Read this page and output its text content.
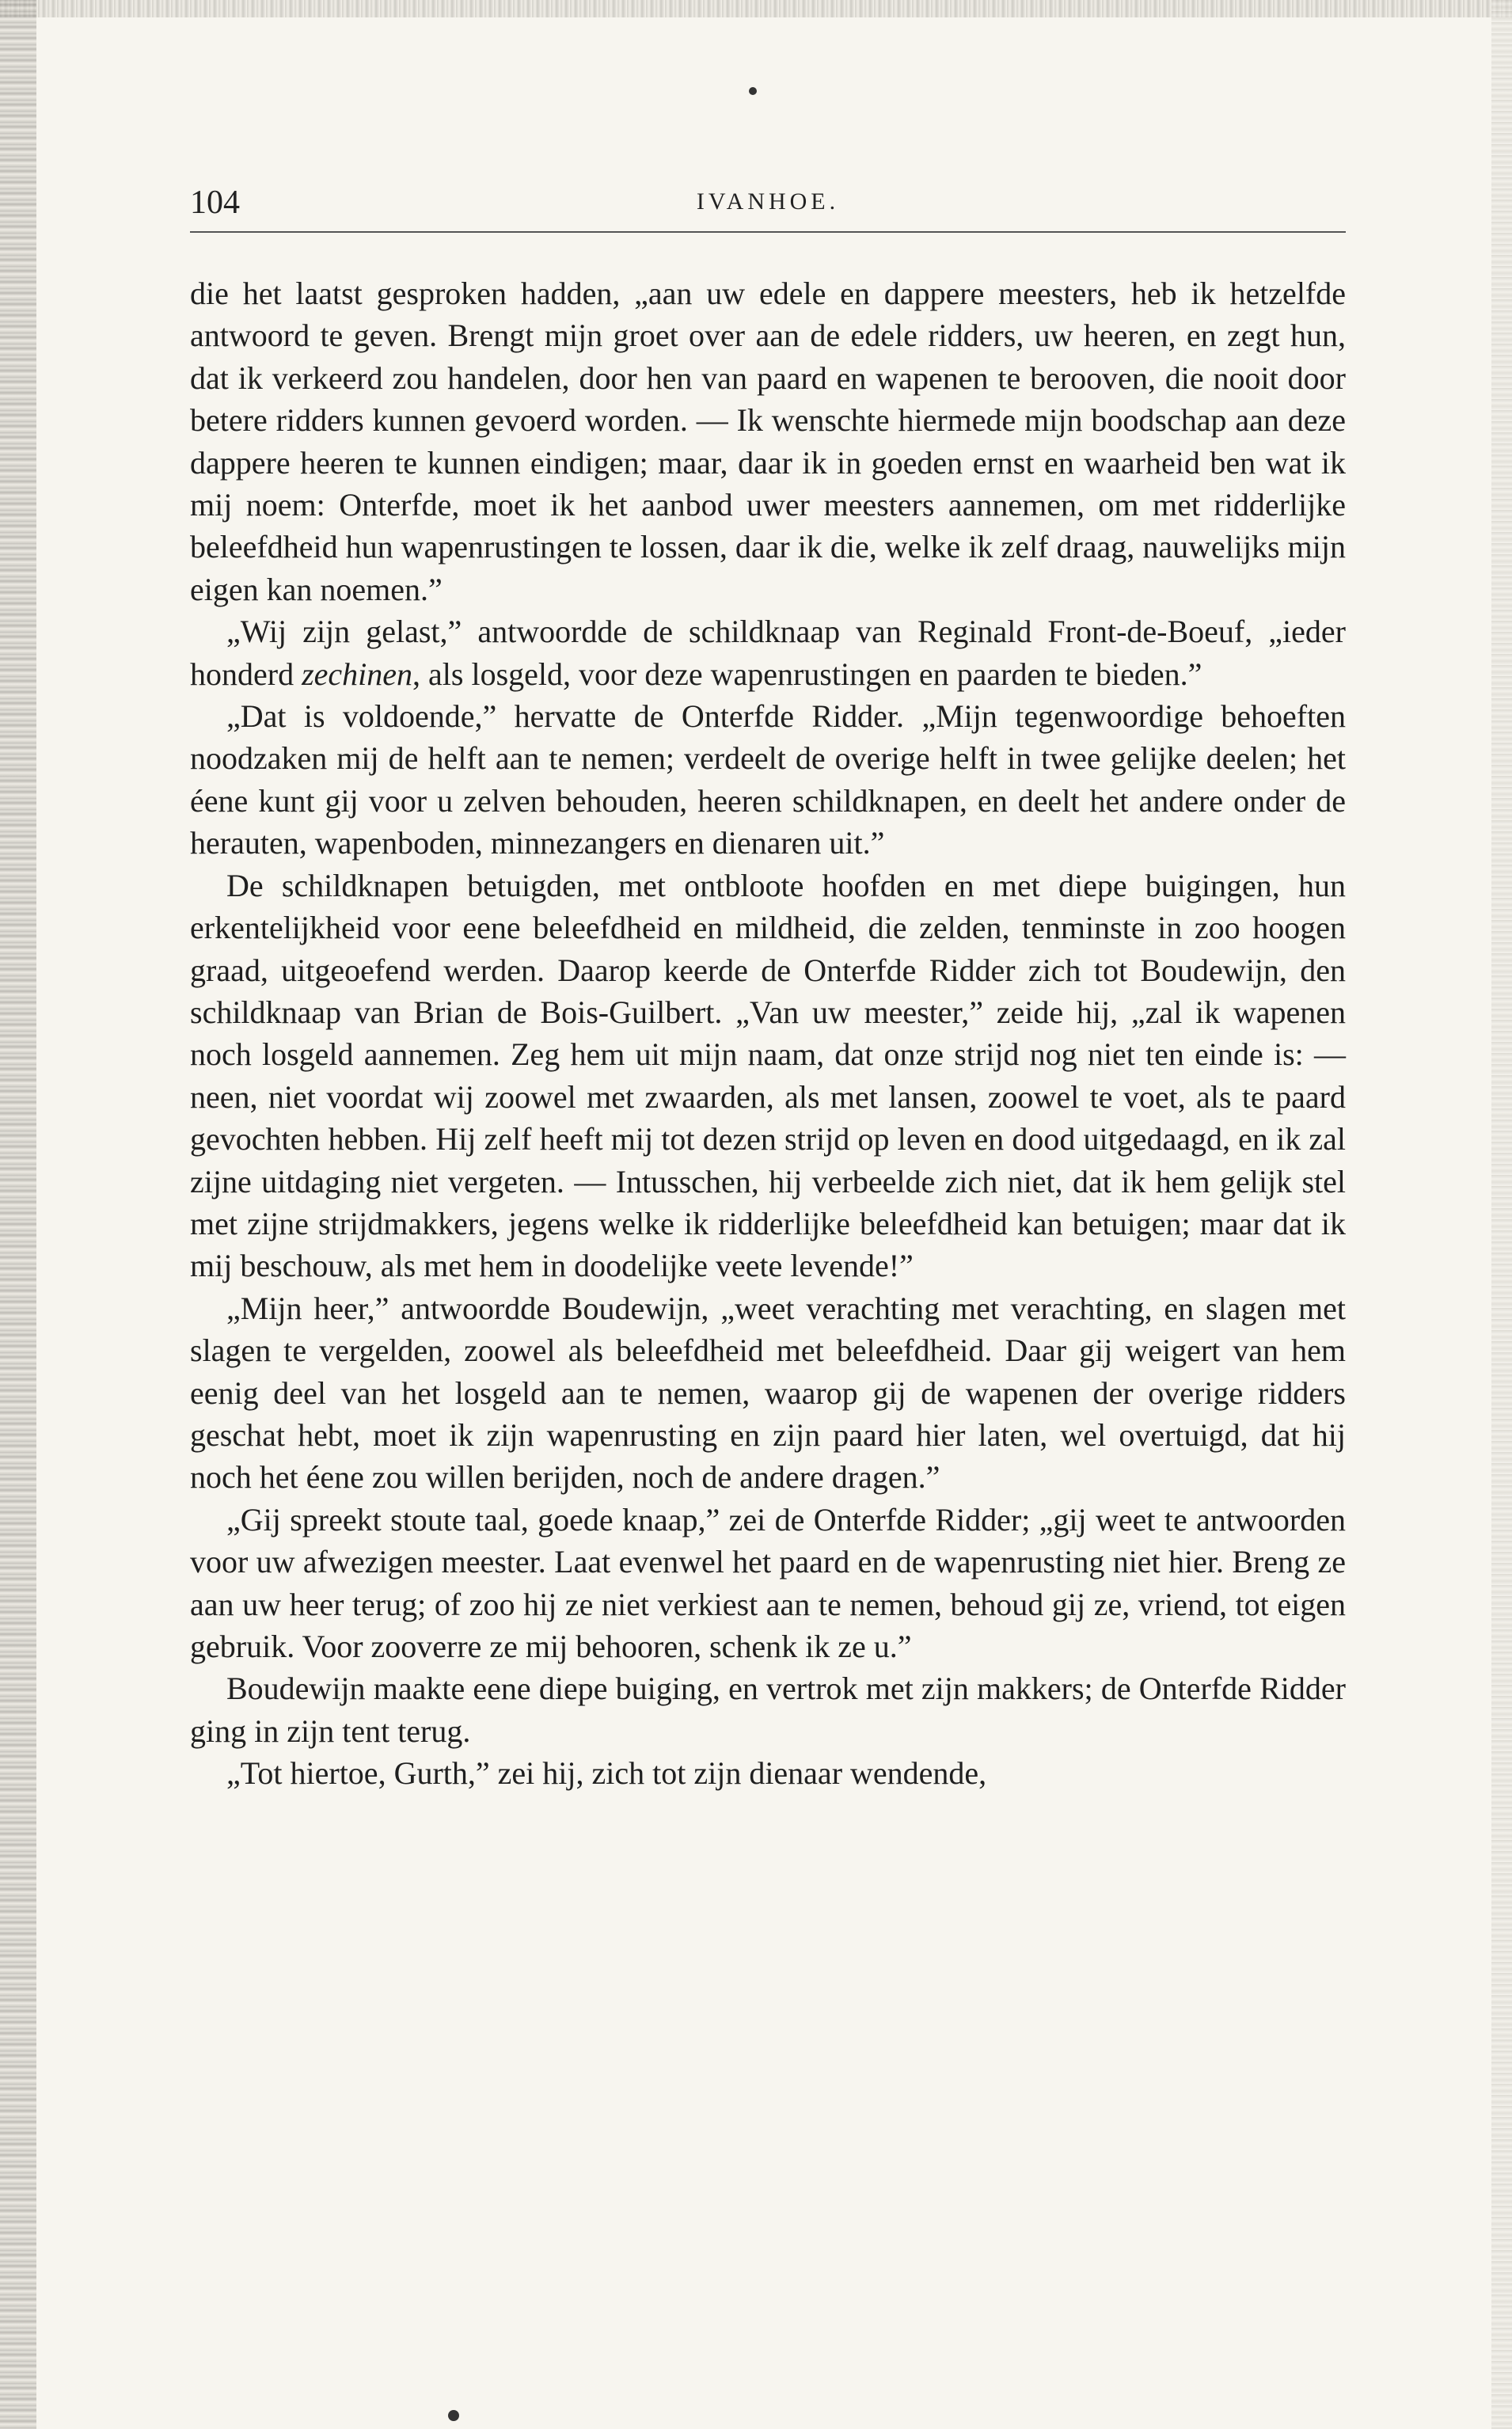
104	IVANHOE.

die het laatst gesproken hadden, „aan uw edele en dappere meesters, heb ik hetzelfde antwoord te geven. Brengt mijn groet over aan de edele ridders, uw heeren, en zegt hun, dat ik verkeerd zou handelen, door hen van paard en wapenen te berooven, die nooit door betere ridders kunnen gevoerd worden. — Ik wenschte hiermede mijn boodschap aan deze dappere heeren te kunnen eindigen; maar, daar ik in goeden ernst en waarheid ben wat ik mij noem: Onterfde, moet ik het aanbod uwer meesters aannemen, om met ridderlijke beleefdheid hun wapenrustingen te lossen, daar ik die, welke ik zelf draag, nauwelijks mijn eigen kan noemen.”

„Wij zijn gelast,” antwoordde de schildknaap van Reginald Front-de-Boeuf, „ieder honderd zechinen, als losgeld, voor deze wapenrustingen en paarden te bieden.”

„Dat is voldoende,” hervatte de Onterfde Ridder. „Mijn tegenwoordige behoeften noodzaken mij de helft aan te nemen; verdeelt de overige helft in twee gelijke deelen; het éene kunt gij voor u zelven behouden, heeren schildknapen, en deelt het andere onder de herauten, wapenboden, minnezangers en dienaren uit.”

De schildknapen betuigden, met ontbloote hoofden en met diepe buigingen, hun erkentelijkheid voor eene beleefdheid en mildheid, die zelden, tenminste in zoo hoogen graad, uitgeoefend werden. Daarop keerde de Onterfde Ridder zich tot Boudewijn, den schildknaap van Brian de Bois-Guilbert. „Van uw meester,” zeide hij, „zal ik wapenen noch losgeld aannemen. Zeg hem uit mijn naam, dat onze strijd nog niet ten einde is: — neen, niet voordat wij zoowel met zwaarden, als met lansen, zoowel te voet, als te paard gevochten hebben. Hij zelf heeft mij tot dezen strijd op leven en dood uitgedaagd, en ik zal zijne uitdaging niet vergeten. — Intusschen, hij verbeelde zich niet, dat ik hem gelijk stel met zijne strijdmakkers, jegens welke ik ridderlijke beleefdheid kan betuigen; maar dat ik mij beschouw, als met hem in doodelijke veete levende!”

„Mijn heer,” antwoordde Boudewijn, „weet verachting met verachting, en slagen met slagen te vergelden, zoowel als beleefdheid met beleefdheid. Daar gij weigert van hem eenig deel van het losgeld aan te nemen, waarop gij de wapenen der overige ridders geschat hebt, moet ik zijn wapenrusting en zijn paard hier laten, wel overtuigd, dat hij noch het éene zou willen berijden, noch de andere dragen.”

„Gij spreekt stoute taal, goede knaap,” zei de Onterfde Ridder; „gij weet te antwoorden voor uw afwezigen meester. Laat evenwel het paard en de wapenrusting niet hier. Breng ze aan uw heer terug; of zoo hij ze niet verkiest aan te nemen, behoud gij ze, vriend, tot eigen gebruik. Voor zooverre ze mij behooren, schenk ik ze u.”

Boudewijn maakte eene diepe buiging, en vertrok met zijn makkers; de Onterfde Ridder ging in zijn tent terug.

„Tot hiertoe, Gurth,” zei hij, zich tot zijn dienaar wendende,
